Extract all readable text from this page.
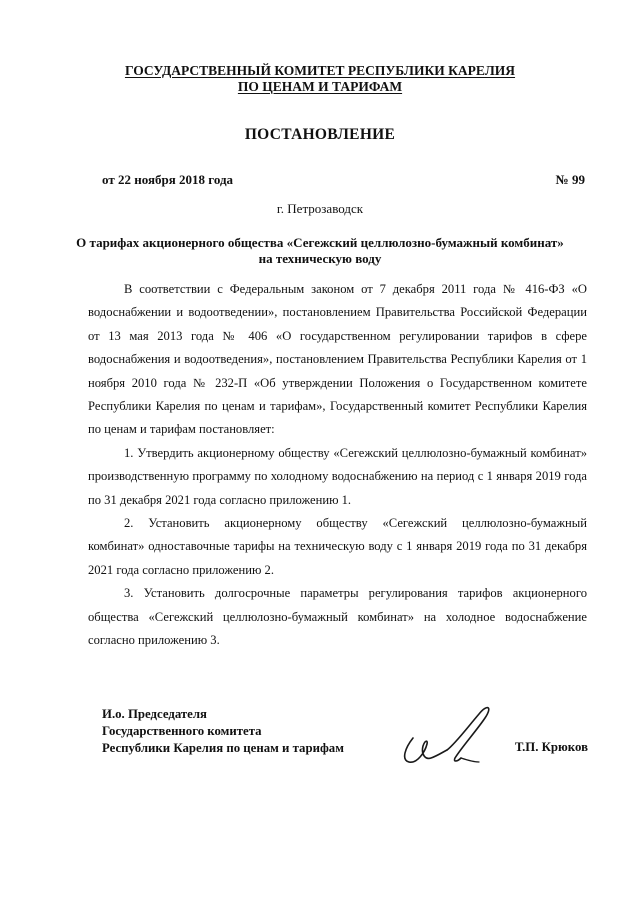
ГОСУДАРСТВЕННЫЙ КОМИТЕТ РЕСПУБЛИКИ КАРЕЛИЯ
ПО ЦЕНАМ И ТАРИФАМ
ПОСТАНОВЛЕНИЕ
от 22 ноября 2018 года	№ 99
г. Петрозаводск
О тарифах акционерного общества «Сегежский целлюлозно-бумажный комбинат»
на техническую воду

В соответствии с Федеральным законом от 7 декабря 2011 года № 416-ФЗ «О водоснабжении и водоотведении», постановлением Правительства Российской Федерации от 13 мая 2013 года № 406 «О государственном регулировании тарифов в сфере водоснабжения и водоотведения», постановлением Правительства Республики Карелия от 1 ноября 2010 года № 232-П «Об утверждении Положения о Государственном комитете Республики Карелия по ценам и тарифам», Государственный комитет Республики Карелия по ценам и тарифам постановляет:

1. Утвердить акционерному обществу «Сегежский целлюлозно-бумажный комбинат» производственную программу по холодному водоснабжению на период с 1 января 2019 года по 31 декабря 2021 года согласно приложению 1.

2. Установить акционерному обществу «Сегежский целлюлозно-бумажный комбинат» одноставочные тарифы на техническую воду с 1 января 2019 года по 31 декабря 2021 года согласно приложению 2.

3. Установить долгосрочные параметры регулирования тарифов акционерного общества «Сегежский целлюлозно-бумажный комбинат» на холодное водоснабжение согласно приложению 3.

И.о. Председателя
Государственного комитета
Республики Карелия по ценам и тарифам	Т.П. Крюков
